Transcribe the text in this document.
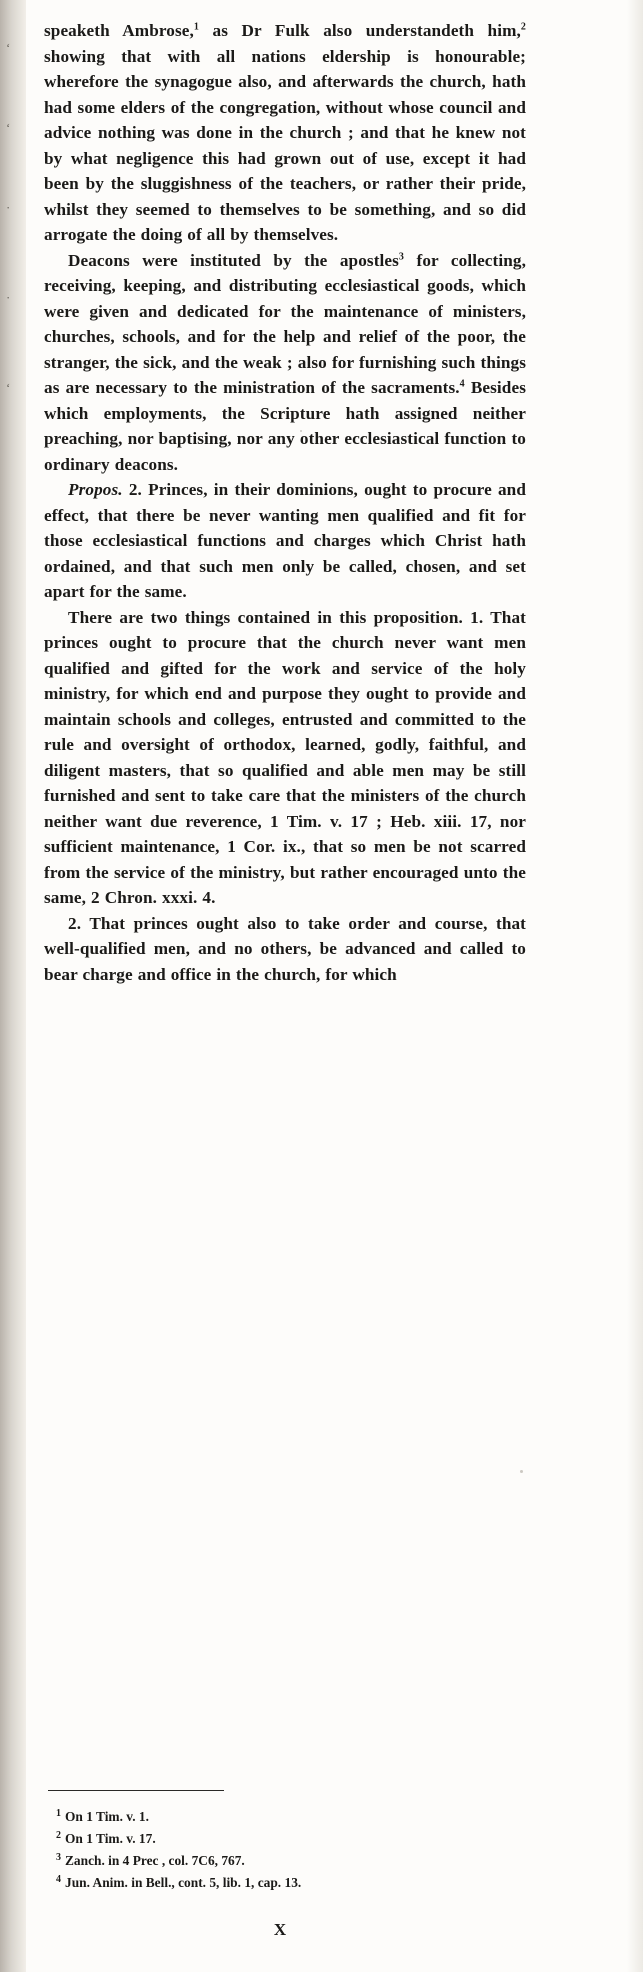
‘
‘
·
·
‘

speaketh Ambrose,$^1$ as Dr Fulk also understandeth him,$^2$ showing that with all nations eldership is honourable; wherefore the synagogue also, and afterwards the church, hath had some elders of the congregation, without whose council and advice nothing was done in the church ; and that he knew not by what negligence this had grown out of use, except it had been by the sluggishness of the teachers, or rather their pride, whilst they seemed to themselves to be something, and so did arrogate the doing of all by themselves.

Deacons were instituted by the apostles$^3$ for collecting, receiving, keeping, and distributing ecclesiastical goods, which were given and dedicated for the maintenance of ministers, churches, schools, and for the help and relief of the poor, the stranger, the sick, and the weak ; also for furnishing such things as are necessary to the ministration of the sacraments.$^4$ Besides which employments, the Scripture hath assigned neither preaching, nor baptising, nor any other ecclesiastical function to ordinary deacons.

Propos. 2. Princes, in their dominions, ought to procure and effect, that there be never wanting men qualified and fit for those ecclesiastical functions and charges which Christ hath ordained, and that such men only be called, chosen, and set apart for the same.

There are two things contained in this proposition. 1. That princes ought to procure that the church never want men qualified and gifted for the work and service of the holy ministry, for which end and purpose they ought to provide and maintain schools and colleges, entrusted and committed to the rule and oversight of orthodox, learned, godly, faithful, and diligent masters, that so qualified and able men may be still furnished and sent to take care that the ministers of the church neither want due reverence, 1 Tim. v. 17 ; Heb. xiii. 17, nor sufficient maintenance, 1 Cor. ix., that so men be not scarred from the service of the ministry, but rather encouraged unto the same, 2 Chron. xxxi. 4.

2. That princes ought also to take order and course, that well-qualified men, and no others, be advanced and called to bear charge and office in the church, for which

$^1$ On 1 Tim. v. 1.
$^2$ On 1 Tim. v. 17.
$^3$ Zanch. in 4 Prec , col. 7C6, 767.
$^4$ Jun. Anim. in Bell., cont. 5, lib. 1, cap. 13.
X
